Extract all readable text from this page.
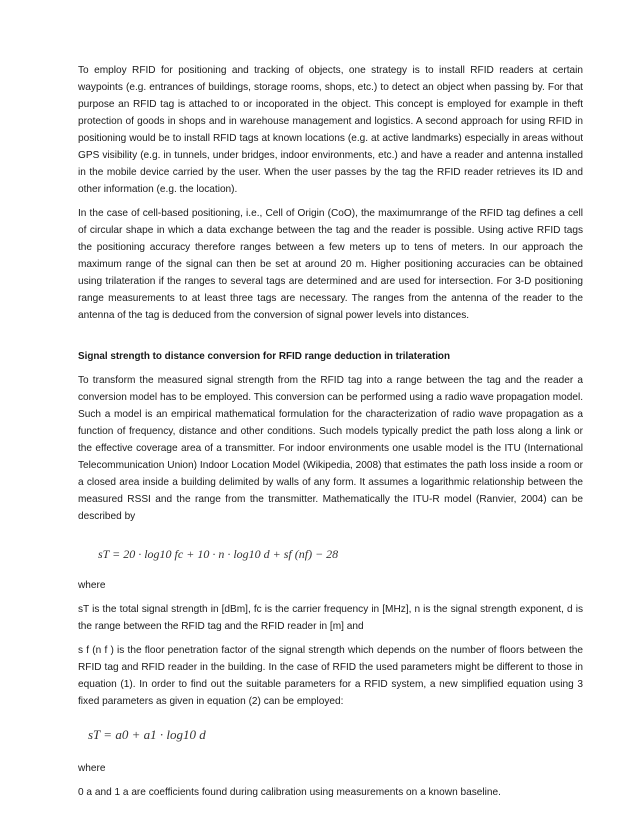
To employ RFID for positioning and tracking of objects, one strategy is to install RFID readers at certain waypoints (e.g. entrances of buildings, storage rooms, shops, etc.) to detect an object when passing by. For that purpose an RFID tag is attached to or incoporated in the object. This concept is employed for example in theft protection of goods in shops and in warehouse management and logistics. A second approach for using RFID in positioning would be to install RFID tags at known locations (e.g. at active landmarks) especially in areas without GPS visibility (e.g. in tunnels, under bridges, indoor environments, etc.) and have a reader and antenna installed in the mobile device carried by the user. When the user passes by the tag the RFID reader retrieves its ID and other information (e.g. the location).

In the case of cell-based positioning, i.e., Cell of Origin (CoO), the maximumrange of the RFID tag defines a cell of circular shape in which a data exchange between the tag and the reader is possible. Using active RFID tags the positioning accuracy therefore ranges between a few meters up to tens of meters. In our approach the maximum range of the signal can then be set at around 20 m. Higher positioning accuracies can be obtained using trilateration if the ranges to several tags are determined and are used for intersection. For 3-D positioning range measurements to at least three tags are necessary. The ranges from the antenna of the reader to the antenna of the tag is deduced from the conversion of signal power levels into distances.

Signal strength to distance conversion for RFID range deduction in trilateration

To transform the measured signal strength from the RFID tag into a range between the tag and the reader a conversion model has to be employed. This conversion can be performed using a radio wave propagation model. Such a model is an empirical mathematical formulation for the characterization of radio wave propagation as a function of frequency, distance and other conditions. Such models typically predict the path loss along a link or the effective coverage area of a transmitter. For indoor environments one usable model is the ITU (International Telecommunication Union) Indoor Location Model (Wikipedia, 2008) that estimates the path loss inside a room or a closed area inside a building delimited by walls of any form. It assumes a logarithmic relationship between the measured RSSI and the range from the transmitter. Mathematically the ITU-R model (Ranvier, 2004) can be described by

sT = 20 · log10 fc + 10 · n · log10 d + sf (nf) − 28

where

sT is the total signal strength in [dBm], fc is the carrier frequency in [MHz], n is the signal strength exponent, d is the range between the RFID tag and the RFID reader in [m] and

s f (n f ) is the floor penetration factor of the signal strength which depends on the number of floors between the RFID tag and RFID reader in the building. In the case of RFID the used parameters might be different to those in equation (1). In order to find out the suitable parameters for a RFID system, a new simplified equation using 3 fixed parameters as given in equation (2) can be employed:

sT = a0 + a1 · log10 d

where

0 a and 1 a are coefficients found during calibration using measurements on a known baseline.
